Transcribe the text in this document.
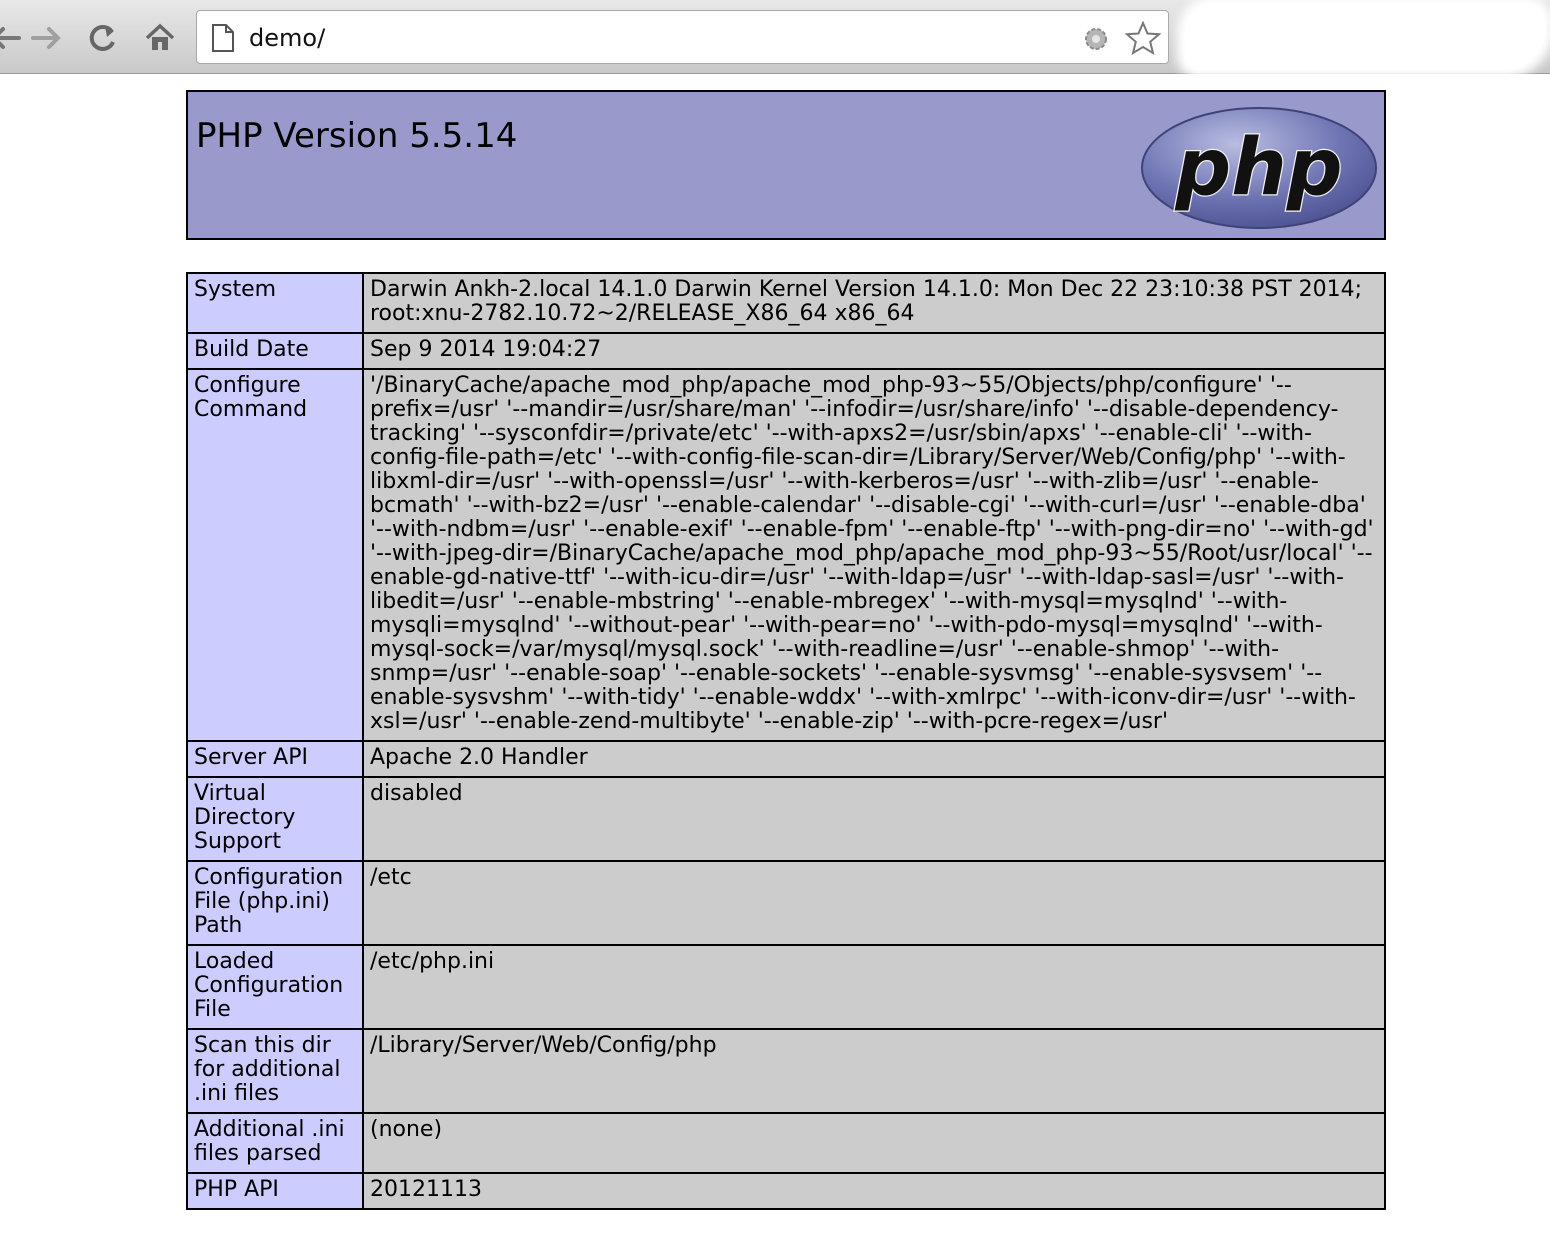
demo/
PHP Version 5.5.14	php
System	Darwin Ankh-2.local 14.1.0 Darwin Kernel Version 14.1.0: Mon Dec 22 23:10:38 PST 2014; root:xnu-2782.10.72~2/RELEASE_X86_64 x86_64
Build Date	Sep 9 2014 19:04:27
Configure Command	'/BinaryCache/apache_mod_php/apache_mod_php-93~55/Objects/php/configure' '--prefix=/usr' '--mandir=/usr/share/man' '--infodir=/usr/share/info' '--disable-dependency-tracking' '--sysconfdir=/private/etc' '--with-apxs2=/usr/sbin/apxs' '--enable-cli' '--with-config-file-path=/etc' '--with-config-file-scan-dir=/Library/Server/Web/Config/php' '--with-libxml-dir=/usr' '--with-openssl=/usr' '--with-kerberos=/usr' '--with-zlib=/usr' '--enable-bcmath' '--with-bz2=/usr' '--enable-calendar' '--disable-cgi' '--with-curl=/usr' '--enable-dba' '--with-ndbm=/usr' '--enable-exif' '--enable-fpm' '--enable-ftp' '--with-png-dir=no' '--with-gd' '--with-jpeg-dir=/BinaryCache/apache_mod_php/apache_mod_php-93~55/Root/usr/local' '--enable-gd-native-ttf' '--with-icu-dir=/usr' '--with-ldap=/usr' '--with-ldap-sasl=/usr' '--with-libedit=/usr' '--enable-mbstring' '--enable-mbregex' '--with-mysql=mysqlnd' '--with-mysqli=mysqlnd' '--without-pear' '--with-pear=no' '--with-pdo-mysql=mysqlnd' '--with-mysql-sock=/var/mysql/mysql.sock' '--with-readline=/usr' '--enable-shmop' '--with-snmp=/usr' '--enable-soap' '--enable-sockets' '--enable-sysvmsg' '--enable-sysvsem' '--enable-sysvshm' '--with-tidy' '--enable-wddx' '--with-xmlrpc' '--with-iconv-dir=/usr' '--with-xsl=/usr' '--enable-zend-multibyte' '--enable-zip' '--with-pcre-regex=/usr'
Server API	Apache 2.0 Handler
Virtual Directory Support	disabled
Configuration File (php.ini) Path	/etc
Loaded Configuration File	/etc/php.ini
Scan this dir for additional .ini files	/Library/Server/Web/Config/php
Additional .ini files parsed	(none)
PHP API	20121113
